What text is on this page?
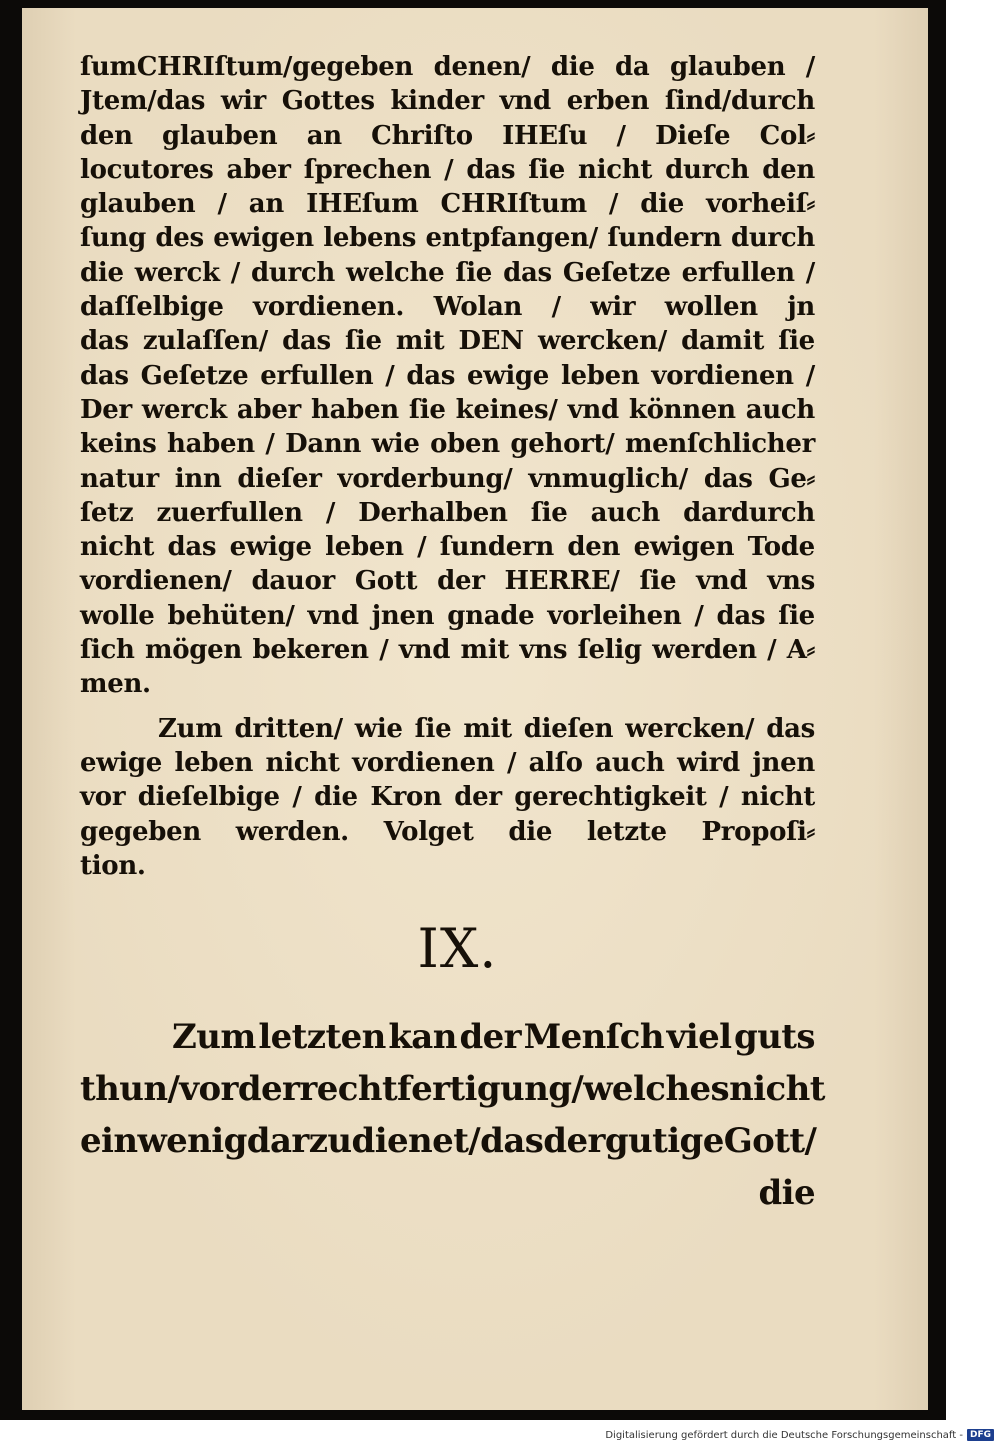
ſumCHRIſtum/gegeben denen/ die da glauben /
Jtem/das wir Gottes kinder vnd erben ſind/durch
den glauben an Chriſto IHEſu / Dieſe Col⸗
locutores aber ſprechen / das ſie nicht durch den
glauben / an IHEſum CHRIſtum / die vorheiſ⸗
ſung des ewigen lebens entpfangen/ ſundern durch
die werck / durch welche ſie das Geſetze erfullen /
daſſelbige vordienen. Wolan / wir wollen jn
das zulaſſen/ das ſie mit DEN wercken/ damit ſie
das Geſetze erfullen / das ewige leben vordienen /
Der werck aber haben ſie keines/ vnd können auch
keins haben / Dann wie oben gehort/ menſchlicher
natur inn dieſer vorderbung/ vnmuglich/ das Ge⸗
ſetz zuerfullen / Derhalben ſie auch dardurch
nicht das ewige leben / ſundern den ewigen Tode
vordienen/ dauor Gott der HERRE/ ſie vnd vns
wolle behüten/ vnd jnen gnade vorleihen / das ſie
ſich mögen bekeren / vnd mit vns ſelig werden / A⸗
men.
Zum dritten/ wie ſie mit dieſen wercken/ das
ewige leben nicht vordienen / alſo auch wird jnen
vor dieſelbige / die Kron der gerechtigkeit / nicht
gegeben werden. Volget die letzte Propoſi⸗
tion.
IX.
Zum letzten kan der Menſch viel guts
thun / vor der rechtfertigung/ welches nicht
ein wenig darzu dienet/ das der gutige Gott /
die
Digitalisierung gefördert durch die Deutsche Forschungsgemeinschaft - DFG
